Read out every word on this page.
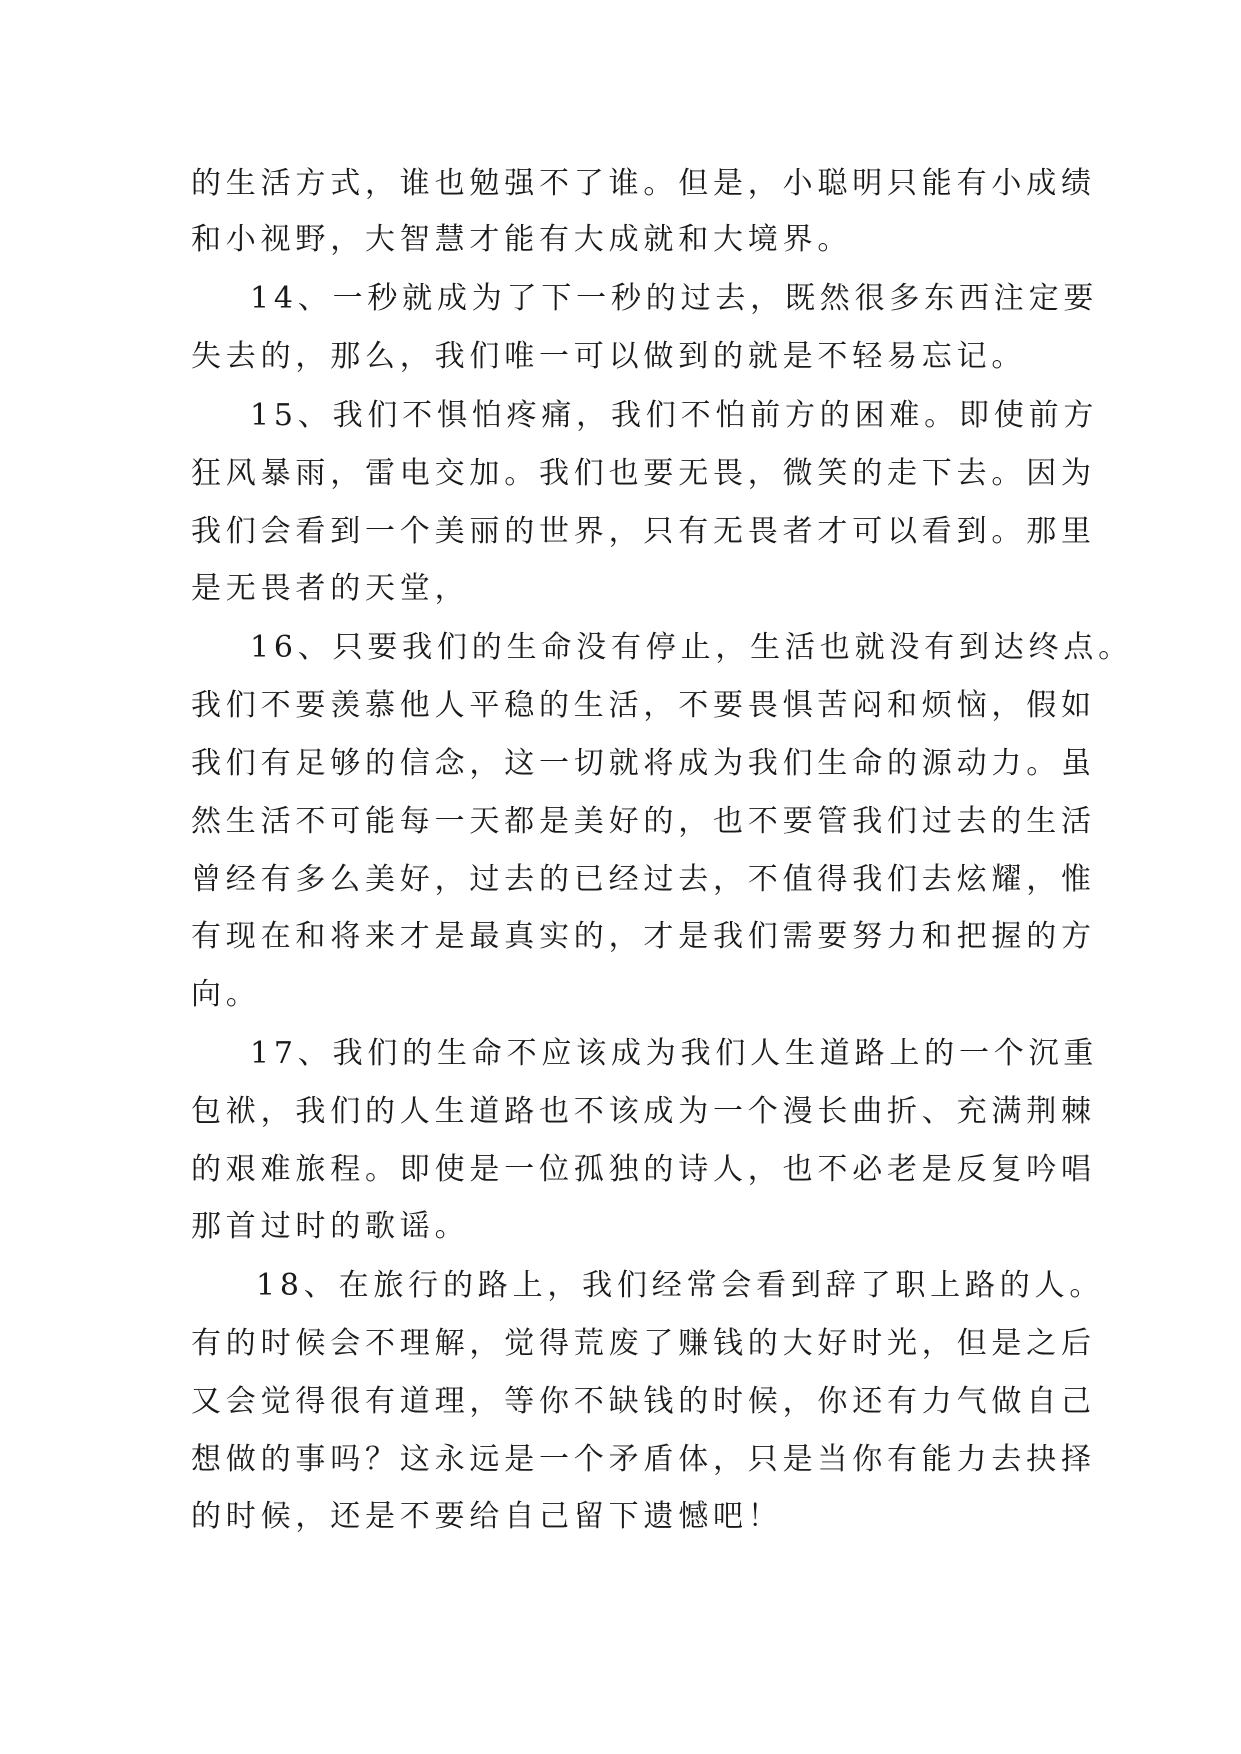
的生活方式，谁也勉强不了谁。但是，小聪明只能有小成绩
和小视野，大智慧才能有大成就和大境界。
14、一秒就成为了下一秒的过去，既然很多东西注定要
失去的，那么，我们唯一可以做到的就是不轻易忘记。
15、我们不惧怕疼痛，我们不怕前方的困难。即使前方
狂风暴雨，雷电交加。我们也要无畏，微笑的走下去。因为
我们会看到一个美丽的世界，只有无畏者才可以看到。那里
是无畏者的天堂，
16、只要我们的生命没有停止，生活也就没有到达终点。
我们不要羡慕他人平稳的生活，不要畏惧苦闷和烦恼，假如
我们有足够的信念，这一切就将成为我们生命的源动力。虽
然生活不可能每一天都是美好的，也不要管我们过去的生活
曾经有多么美好，过去的已经过去，不值得我们去炫耀，惟
有现在和将来才是最真实的，才是我们需要努力和把握的方
向。
17、我们的生命不应该成为我们人生道路上的一个沉重
包袱，我们的人生道路也不该成为一个漫长曲折、充满荆棘
的艰难旅程。即使是一位孤独的诗人，也不必老是反复吟唱
那首过时的歌谣。
18、在旅行的路上，我们经常会看到辞了职上路的人。
有的时候会不理解，觉得荒废了赚钱的大好时光，但是之后
又会觉得很有道理，等你不缺钱的时候，你还有力气做自己
想做的事吗？这永远是一个矛盾体，只是当你有能力去抉择
的时候，还是不要给自己留下遗憾吧！
